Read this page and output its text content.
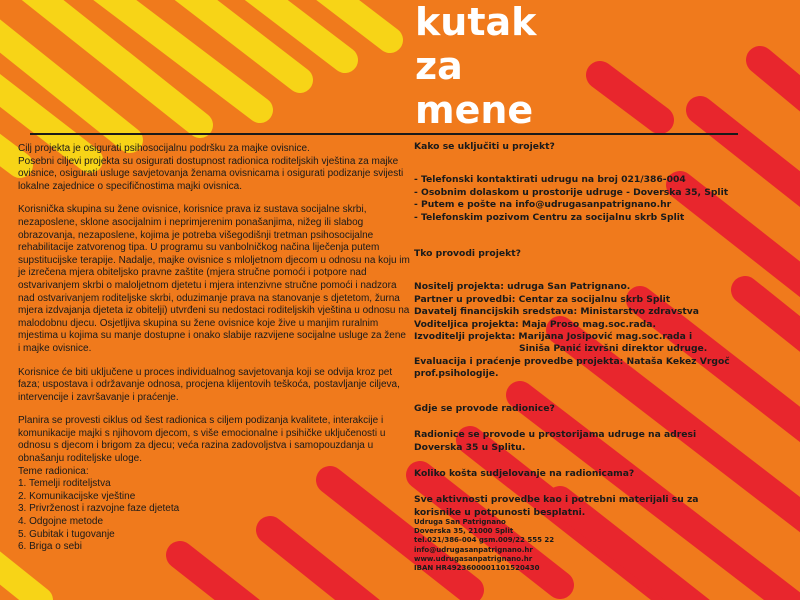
kutak
za
mene

Cilj projekta je osigurati psihosocijalnu podršku za majke ovisnice.
Posebni ciljevi projekta su osigurati dostupnost radionica roditeljskih vještina za majke ovisnice, osigurati usluge savjetovanja ženama ovisnicama i osigurati podizanje svijesti lokalne zajednice o specifičnostima majki ovisnica.

Korisnička skupina su žene ovisnice, korisnice prava iz sustava socijalne skrbi, nezaposlene, sklone asocijalnim i neprimjerenim ponašanjima, nižeg ili slabog obrazovanja, nezaposlene, kojima je potreba višegodišnji tretman psihosocijalne rehabilitacije zatvorenog tipa. U programu su vanbolničkog načina liječenja putem supstitucijske terapije. Nadalje, majke ovisnice s mloljetnom djecom u odnosu na koju im je izrečena mjera obiteljsko pravne zaštite (mjera stručne pomoći i potpore nad ostvarivanjem skrbi o maloljetnom djetetu i mjera intenzivne stručne pomoći i nadzora nad ostvarivanjem roditeljske skrbi, oduzimanje prava na stanovanje s djetetom, žurna mjera izdvajanja djeteta iz obitelji) utvrđeni su nedostaci roditeljskih vještina u odnosu na malodobnu djecu. Osjetljiva skupina su žene ovisnice koje žive u manjim ruralnim mjestima u kojima su manje dostupne i onako slabije razvijene socijalne usluge za žene i majke ovisnice.

Korisnice će biti uključene u proces individualnog savjetovanja koji se odvija kroz pet faza; uspostava i održavanje odnosa, procjena klijentovih teškoća, postavljanje ciljeva, intervencije i završavanje i praćenje.

Planira se provesti ciklus od šest radionica s ciljem podizanja kvalitete, interakcije i komunikacije majki s njihovom djecom, s više emocionalne i psihičke uključenosti u odnosu s djecom i brigom za djecu; veća razina zadovoljstva i samopouzdanja u obnašanju roditeljske uloge.

Teme radionica:
1. Temelji roditeljstva
2. Komunikacijske vještine
3. Privrženost i razvojne faze djeteta
4. Odgojne metode
5. Gubitak i tugovanje
6. Briga o sebi
Kako se uključiti u projekt?
- Telefonski kontaktirati udrugu na broj 021/386-004
- Osobnim dolaskom u prostorije udruge - Doverska 35, Split
- Putem e pošte na info@udrugasanpatrignano.hr
- Telefonskim pozivom Centru za socijalnu skrb Split
Tko provodi projekt?
Nositelj projekta: udruga San Patrignano.
Partner u provedbi: Centar za socijalnu skrb Split
Davatelj financijskih sredstava: Ministarstvo zdravstva
Voditeljica projekta: Maja Proso mag.soc.rada.
Izvoditelji projekta: Marijana Josipović mag.soc.rada i
Siniša Panić izvršni direktor udruge.
Evaluacija i praćenje provedbe projekta: Nataša Kekez Vrgoč prof.psihologije.
Gdje se provode radionice?
Radionice se provode u prostorijama udruge na adresi Doverska 35 u Splitu.
Koliko košta sudjelovanje na radionicama?
Sve aktivnosti provedbe kao i potrebni materijali su za korisnike u potpunosti besplatni.
Udruga San Patrignano
Doverska 35, 21000 Split
tel.021/386-004 gsm.009/22 555 22
info@udrugasanpatrignano.hr
www.udrugasanpatrignano.hr
IBAN HR4923600001101520430
